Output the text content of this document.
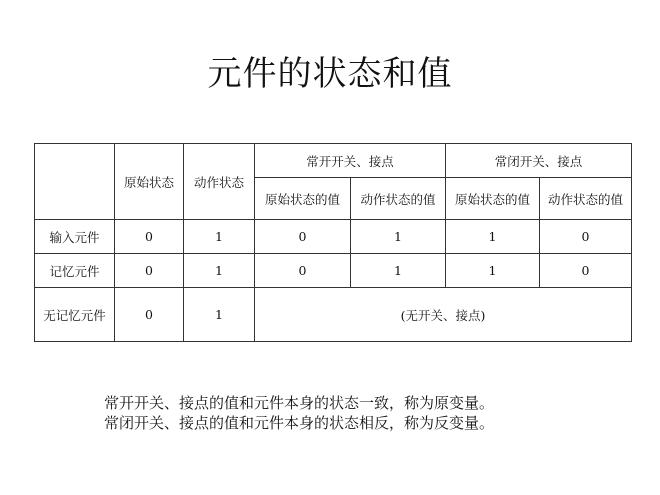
元件的状态和值
	原始状态	动作状态	常开开关、接点		常闭开关、接点	
			原始状态的值	动作状态的值	原始状态的值	动作状态的值
输入元件	0	1	0	1	1	0
记忆元件	0	1	0	1	1	0
无记忆元件	0	1	(无开关、接点)			
常开开关、接点的值和元件本身的状态一致，称为原变量。
常闭开关、接点的值和元件本身的状态相反，称为反变量。
